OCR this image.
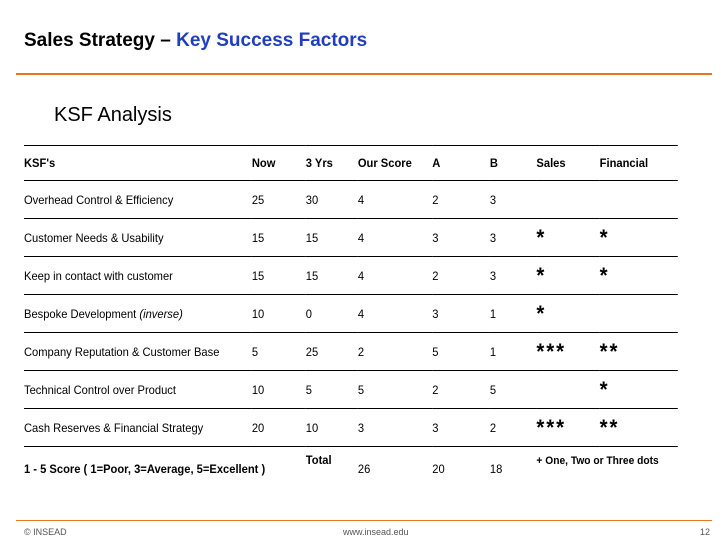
Sales Strategy – Key Success Factors
KSF Analysis
KSF's	Now	3 Yrs	Our Score	A	B	Sales	Financial
Overhead Control & Efficiency	25	30	4	2	3		
Customer Needs & Usability	15	15	4	3	3	*	*
Keep in contact with customer	15	15	4	2	3	*	*
Bespoke Development (inverse)	10	0	4	3	1	*	
Company Reputation & Customer Base	5	25	2	5	1	***	**
Technical Control over Product	10	5	5	2	5		*
Cash Reserves & Financial Strategy	20	10	3	3	2	***	**
1 - 5 Score ( 1=Poor, 3=Average, 5=Excellent )		Total	26	20	18	+ One, Two or Three dots	
© INSEAD	www.insead.edu	12
